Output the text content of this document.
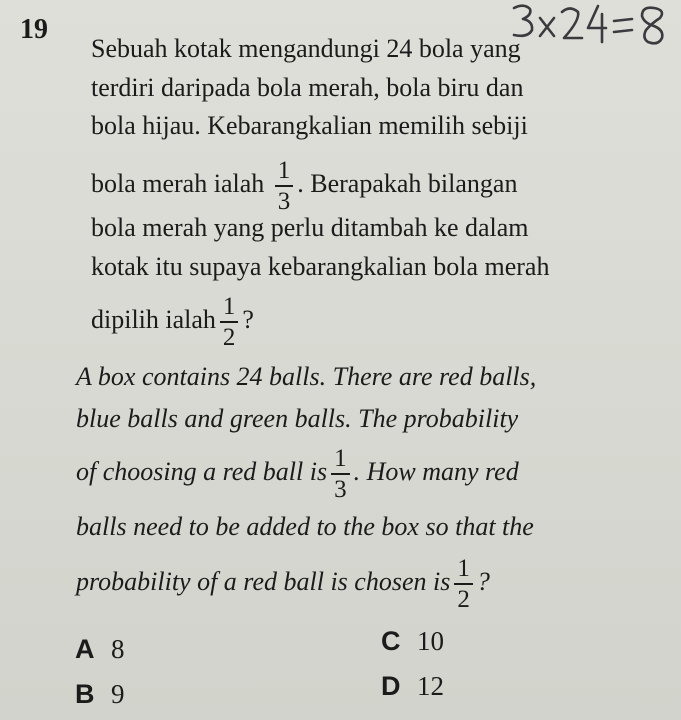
19
Sebuah kotak mengandungi 24 bola yang
terdiri daripada bola merah, bola biru dan
bola hijau. Kebarangkalian memilih sebiji
bola merah ialah $\frac{1}{3}$ . Berapakah bilangan
bola merah yang perlu ditambah ke dalam
kotak itu supaya kebarangkalian bola merah
dipilih ialah $\frac{1}{2}$ ?
A box contains 24 balls. There are red balls,
blue balls and green balls. The probability
of choosing a red ball is $\frac{1}{3}$ . How many red
balls need to be added to the box so that the
probability of a red ball is chosen is $\frac{1}{2}$ ?
A 8	C 10
B 9	D 12
